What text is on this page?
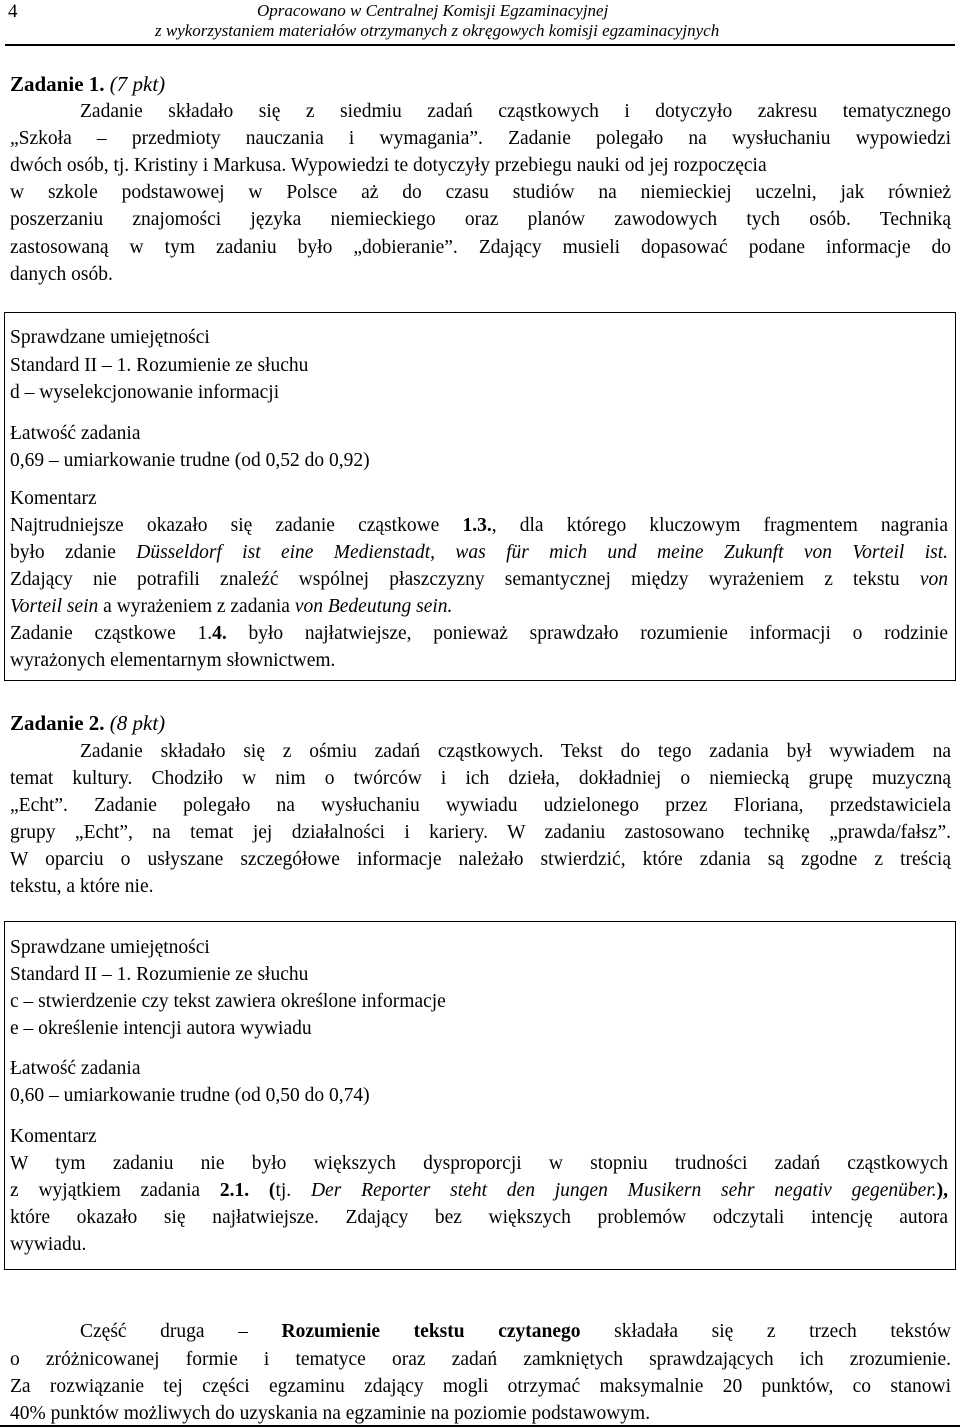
4	Opracowano w Centralnej Komisji Egzaminacyjnej
z wykorzystaniem materiałów otrzymanych z okręgowych komisji egzaminacyjnych
Zadanie 1. (7 pkt)
Zadanie składało się z siedmiu zadań cząstkowych i dotyczyło zakresu tematycznego
„Szkoła – przedmioty nauczania i wymagania”. Zadanie polegało na wysłuchaniu wypowiedzi
dwóch osób, tj. Kristiny i Markusa. Wypowiedzi te dotyczyły przebiegu nauki od jej rozpoczęcia
w szkole podstawowej w Polsce aż do czasu studiów na niemieckiej uczelni, jak również
poszerzaniu znajomości języka niemieckiego oraz planów zawodowych tych osób. Techniką
zastosowaną w tym zadaniu było „dobieranie”. Zdający musieli dopasować podane informacje do
danych osób.
Sprawdzane umiejętności
Standard II – 1. Rozumienie ze słuchu
d – wyselekcjonowanie informacji
Łatwość zadania
0,69 – umiarkowanie trudne (od 0,52 do 0,92)
Komentarz
Najtrudniejsze okazało się zadanie cząstkowe 1.3., dla którego kluczowym fragmentem nagrania
było zdanie Düsseldorf ist eine Medienstadt, was für mich und meine Zukunft von Vorteil ist.
Zdający nie potrafili znaleźć wspólnej płaszczyzny semantycznej między wyrażeniem z tekstu von
Vorteil sein a wyrażeniem z zadania von Bedeutung sein.
Zadanie cząstkowe 1.4. było najłatwiejsze, ponieważ sprawdzało rozumienie informacji o rodzinie
wyrażonych elementarnym słownictwem.
Zadanie 2. (8 pkt)
Zadanie składało się z ośmiu zadań cząstkowych. Tekst do tego zadania był wywiadem na
temat kultury. Chodziło w nim o twórców i ich dzieła, dokładniej o niemiecką grupę muzyczną
„Echt”. Zadanie polegało na wysłuchaniu wywiadu udzielonego przez Floriana, przedstawiciela
grupy „Echt”, na temat jej działalności i kariery. W zadaniu zastosowano technikę „prawda/fałsz”.
W oparciu o usłyszane szczegółowe informacje należało stwierdzić, które zdania są zgodne z treścią
tekstu, a które nie.
Sprawdzane umiejętności
Standard II – 1. Rozumienie ze słuchu
c – stwierdzenie czy tekst zawiera określone informacje
e – określenie intencji autora wywiadu
Łatwość zadania
0,60 – umiarkowanie trudne (od 0,50 do 0,74)
Komentarz
W tym zadaniu nie było większych dysproporcji w stopniu trudności zadań cząstkowych
z wyjątkiem zadania 2.1. (tj. Der Reporter steht den jungen Musikern sehr negativ gegenüber.),
które okazało się najłatwiejsze. Zdający bez większych problemów odczytali intencję autora
wywiadu.
Część druga – Rozumienie tekstu czytanego składała się z trzech tekstów
o zróżnicowanej formie i tematyce oraz zadań zamkniętych sprawdzających ich zrozumienie.
Za rozwiązanie tej części egzaminu zdający mogli otrzymać maksymalnie 20 punktów, co stanowi
40% punktów możliwych do uzyskania na egzaminie na poziomie podstawowym.
